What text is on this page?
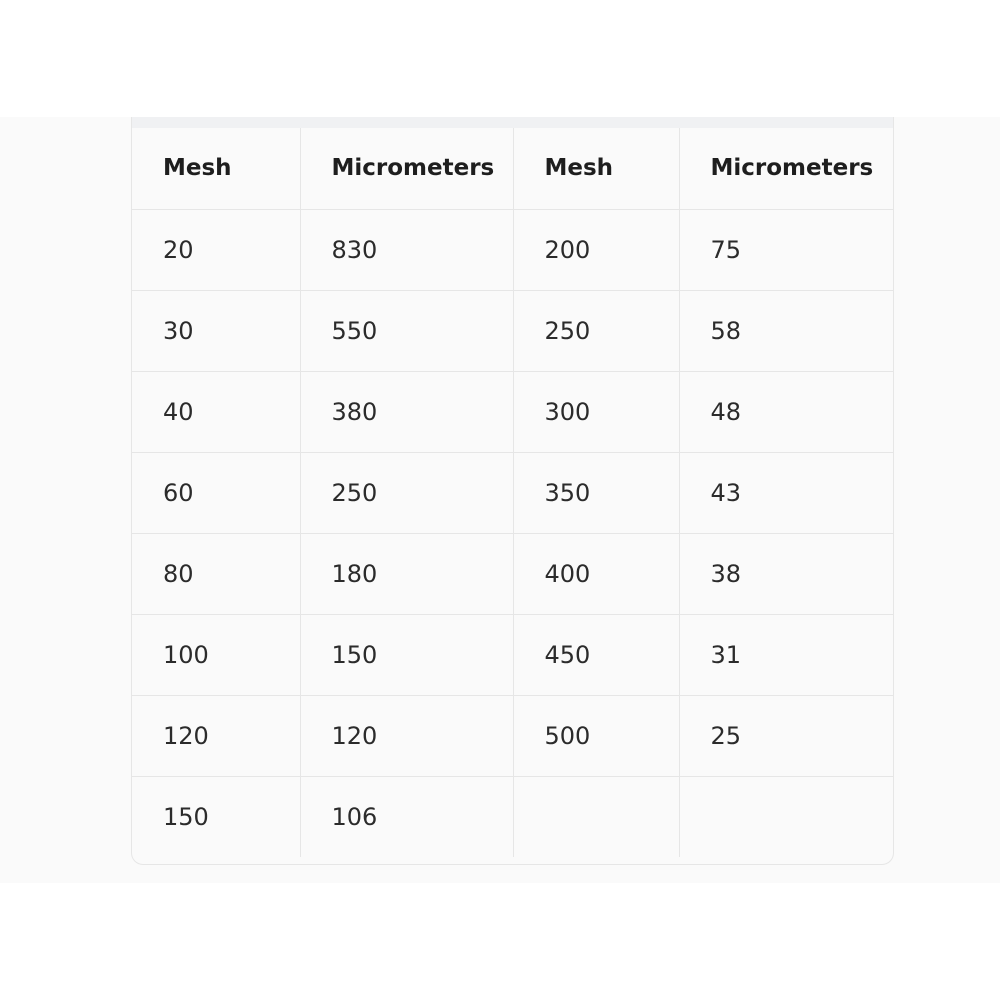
Mesh	Micrometers	Mesh	Micrometers
20	830	200	75
30	550	250	58
40	380	300	48
60	250	350	43
80	180	400	38
100	150	450	31
120	120	500	25
150	106		
